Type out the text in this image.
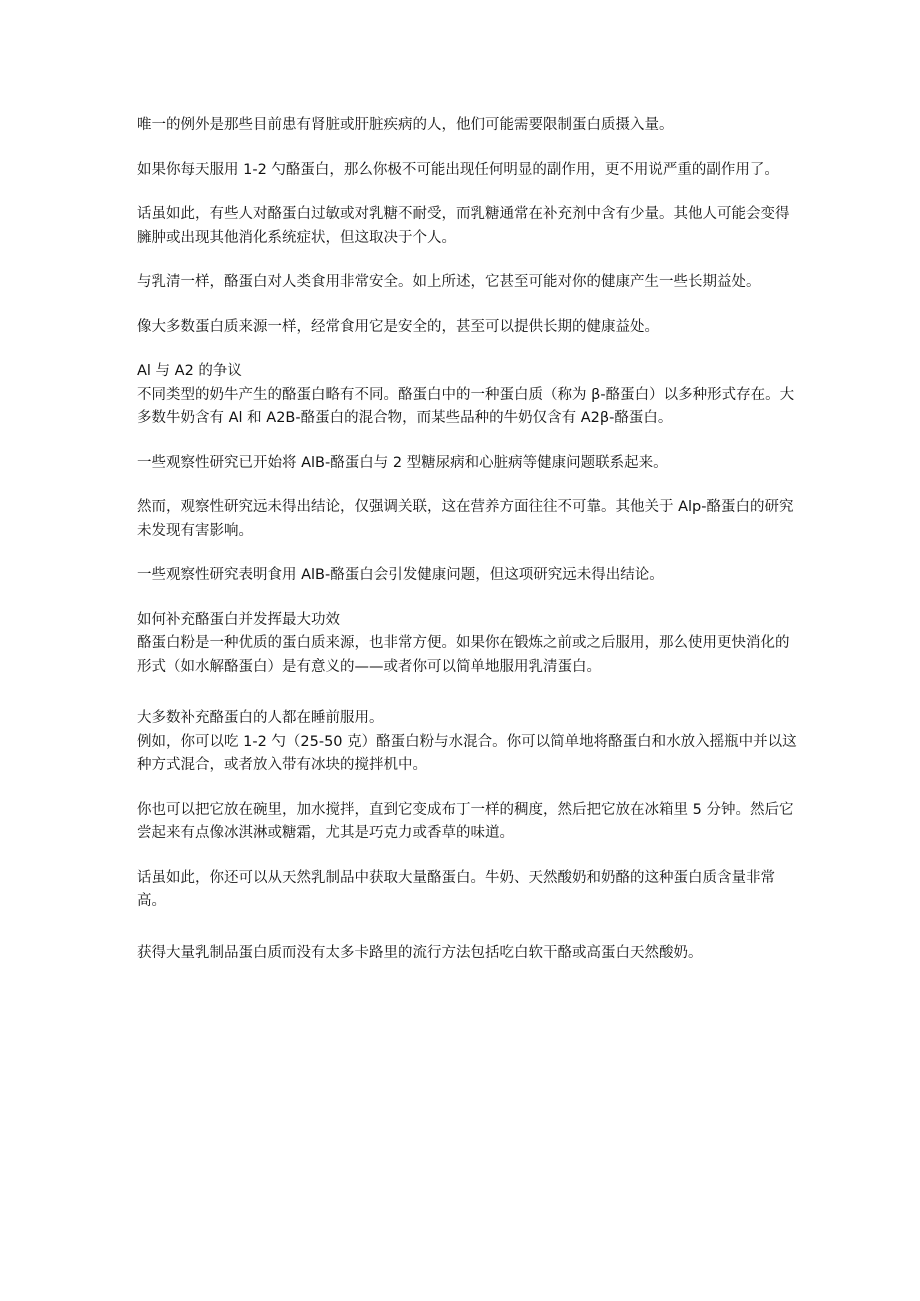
唯一的例外是那些目前患有肾脏或肝脏疾病的人，他们可能需要限制蛋白质摄入量。

如果你每天服用 1-2 勺酪蛋白，那么你极不可能出现任何明显的副作用，更不用说严重的副作用了。

话虽如此，有些人对酪蛋白过敏或对乳糖不耐受，而乳糖通常在补充剂中含有少量。其他人可能会变得臃肿或出现其他消化系统症状，但这取决于个人。

与乳清一样，酪蛋白对人类食用非常安全。如上所述，它甚至可能对你的健康产生一些长期益处。

像大多数蛋白质来源一样，经常食用它是安全的，甚至可以提供长期的健康益处。

Al 与 A2 的争议

不同类型的奶牛产生的酪蛋白略有不同。酪蛋白中的一种蛋白质（称为 β-酪蛋白）以多种形式存在。大多数牛奶含有 Al 和 A2B-酪蛋白的混合物，而某些品种的牛奶仅含有 A2β-酪蛋白。

一些观察性研究已开始将 AlB-酪蛋白与 2 型糖尿病和心脏病等健康问题联系起来。

然而，观察性研究远未得出结论，仅强调关联，这在营养方面往往不可靠。其他关于 Alp-酪蛋白的研究未发现有害影响。

一些观察性研究表明食用 AlB-酪蛋白会引发健康问题，但这项研究远未得出结论。

如何补充酪蛋白并发挥最大功效

酪蛋白粉是一种优质的蛋白质来源，也非常方便。如果你在锻炼之前或之后服用，那么使用更快消化的形式（如水解酪蛋白）是有意义的——或者你可以简单地服用乳清蛋白。

大多数补充酪蛋白的人都在睡前服用。

例如，你可以吃 1-2 勺（25-50 克）酪蛋白粉与水混合。你可以简单地将酪蛋白和水放入摇瓶中并以这种方式混合，或者放入带有冰块的搅拌机中。

你也可以把它放在碗里，加水搅拌，直到它变成布丁一样的稠度，然后把它放在冰箱里 5 分钟。然后它尝起来有点像冰淇淋或糖霜，尤其是巧克力或香草的味道。

话虽如此，你还可以从天然乳制品中获取大量酪蛋白。牛奶、天然酸奶和奶酪的这种蛋白质含量非常高。

获得大量乳制品蛋白质而没有太多卡路里的流行方法包括吃白软干酪或高蛋白天然酸奶。
